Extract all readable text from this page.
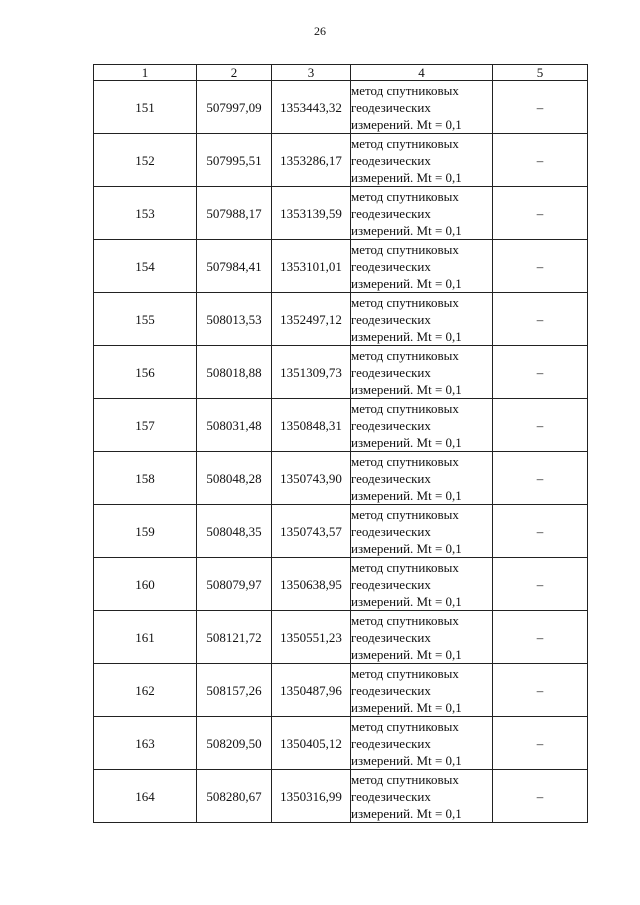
26
1	2	3	4	5
151	507997,09	1353443,32	метод спутниковых
геодезических
измерений. Mt = 0,1	–
152	507995,51	1353286,17	метод спутниковых
геодезических
измерений. Mt = 0,1	–
153	507988,17	1353139,59	метод спутниковых
геодезических
измерений. Mt = 0,1	–
154	507984,41	1353101,01	метод спутниковых
геодезических
измерений. Mt = 0,1	–
155	508013,53	1352497,12	метод спутниковых
геодезических
измерений. Mt = 0,1	–
156	508018,88	1351309,73	метод спутниковых
геодезических
измерений. Mt = 0,1	–
157	508031,48	1350848,31	метод спутниковых
геодезических
измерений. Mt = 0,1	–
158	508048,28	1350743,90	метод спутниковых
геодезических
измерений. Mt = 0,1	–
159	508048,35	1350743,57	метод спутниковых
геодезических
измерений. Mt = 0,1	–
160	508079,97	1350638,95	метод спутниковых
геодезических
измерений. Mt = 0,1	–
161	508121,72	1350551,23	метод спутниковых
геодезических
измерений. Mt = 0,1	–
162	508157,26	1350487,96	метод спутниковых
геодезических
измерений. Mt = 0,1	–
163	508209,50	1350405,12	метод спутниковых
геодезических
измерений. Mt = 0,1	–
164	508280,67	1350316,99	метод спутниковых
геодезических
измерений. Mt = 0,1	–
